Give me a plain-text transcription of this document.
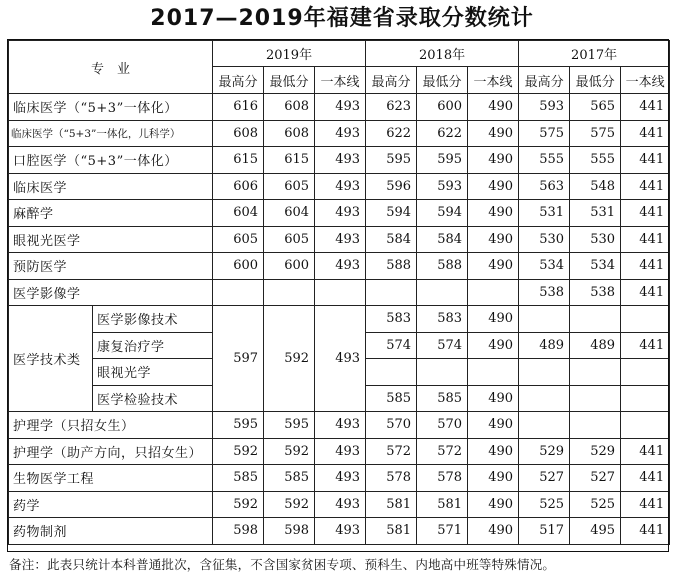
2017—2019年福建省录取分数统计
专　业		2019年			2018年			2017年		
		最高分	最低分	一本线	最高分	最低分	一本线	最高分	最低分	一本线
临床医学（“5+3”一体化）		616	608	493	623	600	490	593	565	441
临床医学（“5+3”一体化，儿科学）		608	608	493	622	622	490	575	575	441
口腔医学（“5+3”一体化）		615	615	493	595	595	490	555	555	441
临床医学		606	605	493	596	593	490	563	548	441
麻醉学		604	604	493	594	594	490	531	531	441
眼视光医学		605	605	493	584	584	490	530	530	441
预防医学		600	600	493	588	588	490	534	534	441
医学影像学								538	538	441
医学技术类	医学影像技术	597	592	493	583	583	490			
	康复治疗学				574	574	490	489	489	441
	眼视光学									
	医学检验技术				585	585	490			
护理学（只招女生）		595	595	493	570	570	490			
护理学（助产方向，只招女生）		592	592	493	572	572	490	529	529	441
生物医学工程		585	585	493	578	578	490	527	527	441
药学		592	592	493	581	581	490	525	525	441
药物制剂		598	598	493	581	571	490	517	495	441
备注：此表只统计本科普通批次，含征集，不含国家贫困专项、预科生、内地高中班等特殊情况。
